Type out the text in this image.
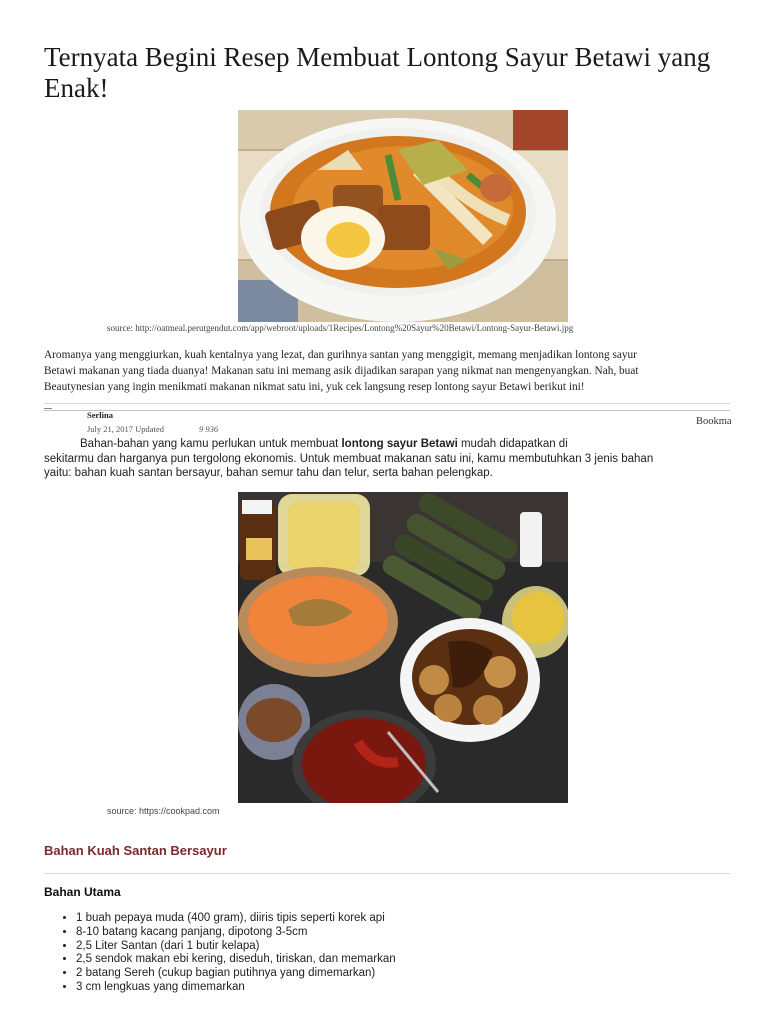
Ternyata Begini Resep Membuat Lontong Sayur Betawi yang Enak!
source: http://oatmeal.perutgendut.com/app/webroot/uploads/1Recipes/Lontong%20Sayur%20Betawi/Lontong-Sayur-Betawi.jpg
Aromanya yang menggiurkan, kuah kentalnya yang lezat, dan gurihnya santan yang menggigit, memang menjadikan lontong sayur
Betawi makanan yang tiada duanya! Makanan satu ini memang asik dijadikan sarapan yang nikmat nan mengenyangkan. Nah, buat
Beautynesian yang ingin menikmati makanan nikmat satu ini, yuk cek langsung resep lontong sayur Betawi berikut ini!
Serlina
July 21, 2017 Updated	9 936
Bookma
Bahan-bahan yang kamu perlukan untuk membuat lontong sayur Betawi mudah didapatkan di
sekitarmu dan harganya pun tergolong ekonomis. Untuk membuat makanan satu ini, kamu membutuhkan 3 jenis bahan
yaitu: bahan kuah santan bersayur, bahan semur tahu dan telur, serta bahan pelengkap.
source: https://cookpad.com
Bahan Kuah Santan Bersayur
Bahan Utama
• 1 buah pepaya muda (400 gram), diiris tipis seperti korek api
• 8-10 batang kacang panjang, dipotong 3-5cm
• 2,5 Liter Santan (dari 1 butir kelapa)
• 2,5 sendok makan ebi kering, diseduh, tiriskan, dan memarkan
• 2 batang Sereh (cukup bagian putihnya yang dimemarkan)
• 3 cm lengkuas yang dimemarkan
